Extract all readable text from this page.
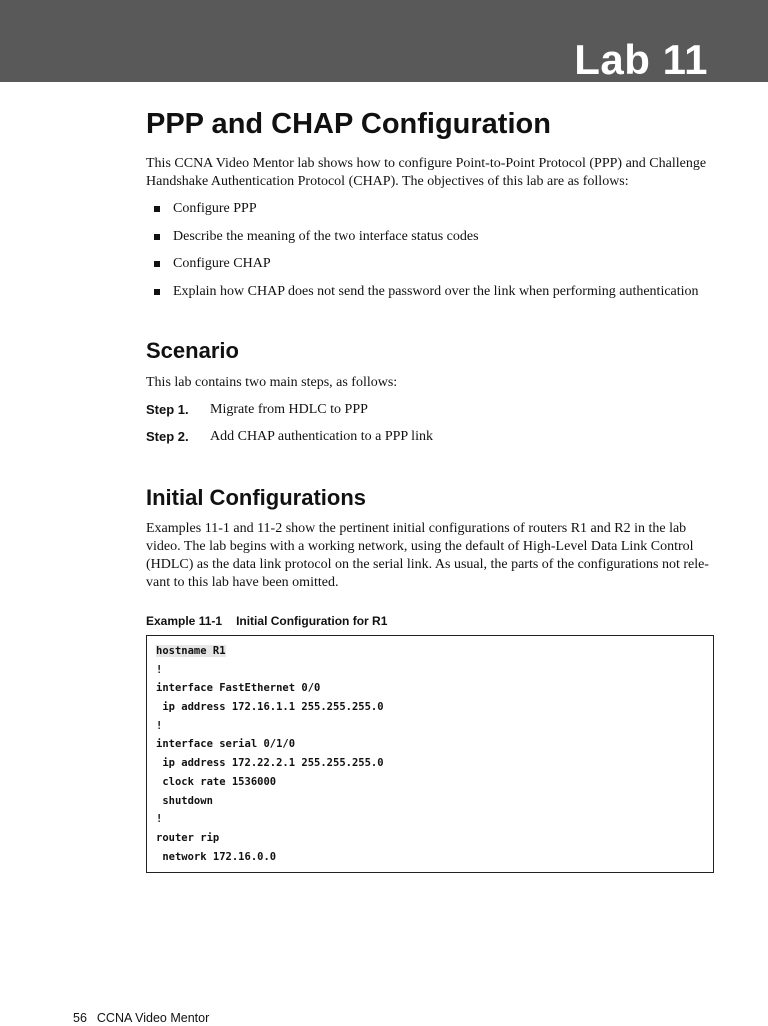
Lab 11
PPP and CHAP Configuration

This CCNA Video Mentor lab shows how to configure Point-to-Point Protocol (PPP) and Challenge Handshake Authentication Protocol (CHAP). The objectives of this lab are as follows:

Configure PPP
Describe the meaning of the two interface status codes
Configure CHAP
Explain how CHAP does not send the password over the link when performing authentication
Scenario

This lab contains two main steps, as follows:

Step 1. Migrate from HDLC to PPP
Step 2. Add CHAP authentication to a PPP link
Initial Configurations

Examples 11-1 and 11-2 show the pertinent initial configurations of routers R1 and R2 in the lab video. The lab begins with a working network, using the default of High-Level Data Link Control (HDLC) as the data link protocol on the serial link. As usual, the parts of the configurations not rele-vant to this lab have been omitted.

Example 11-1 Initial Configuration for R1
hostname R1
!
interface FastEthernet 0/0
ip address 172.16.1.1 255.255.255.0
!
interface serial 0/1/0
ip address 172.22.2.1 255.255.255.0
clock rate 1536000
shutdown
!
router rip
network 172.16.0.0
56 CCNA Video Mentor
